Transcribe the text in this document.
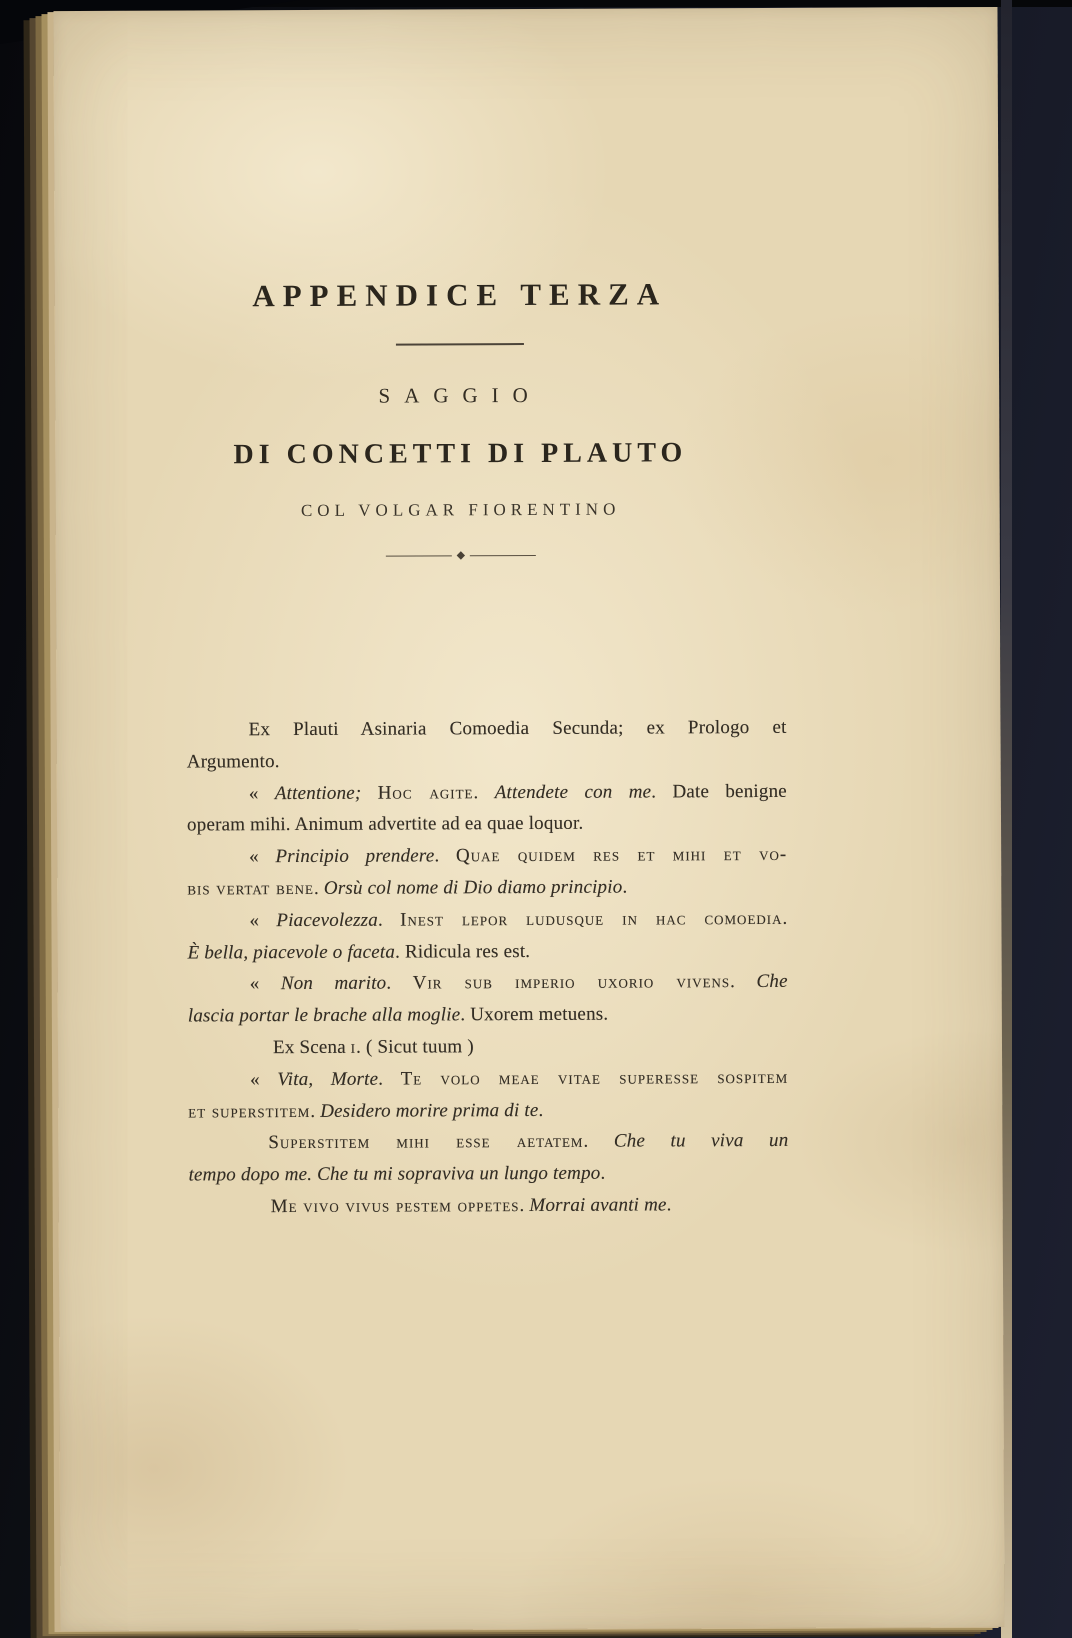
APPENDICE TERZA
SAGGIO
DI CONCETTI DI PLAUTO
COL VOLGAR FIORENTINO
◆
Ex Plauti Asinaria Comoedia Secunda; ex Prologo et
Argumento.
« Attentione; Hoc agite. Attendete con me. Date benigne
operam mihi. Animum advertite ad ea quae loquor.
« Principio prendere. Quae quidem res et mihi et vo-
bis vertat bene. Orsù col nome di Dio diamo principio.
« Piacevolezza. Inest lepor ludusque in hac comoedia.
È bella, piacevole o faceta. Ridicula res est.
« Non marito. Vir sub imperio uxorio vivens. Che
lascia portar le brache alla moglie. Uxorem metuens.
Ex Scena i. ( Sicut tuum )
« Vita, Morte. Te volo meae vitae superesse sospitem
et superstitem. Desidero morire prima di te.
Superstitem mihi esse aetatem. Che tu viva un
tempo dopo me. Che tu mi sopraviva un lungo tempo.
Me vivo vivus pestem oppetes. Morrai avanti me.
